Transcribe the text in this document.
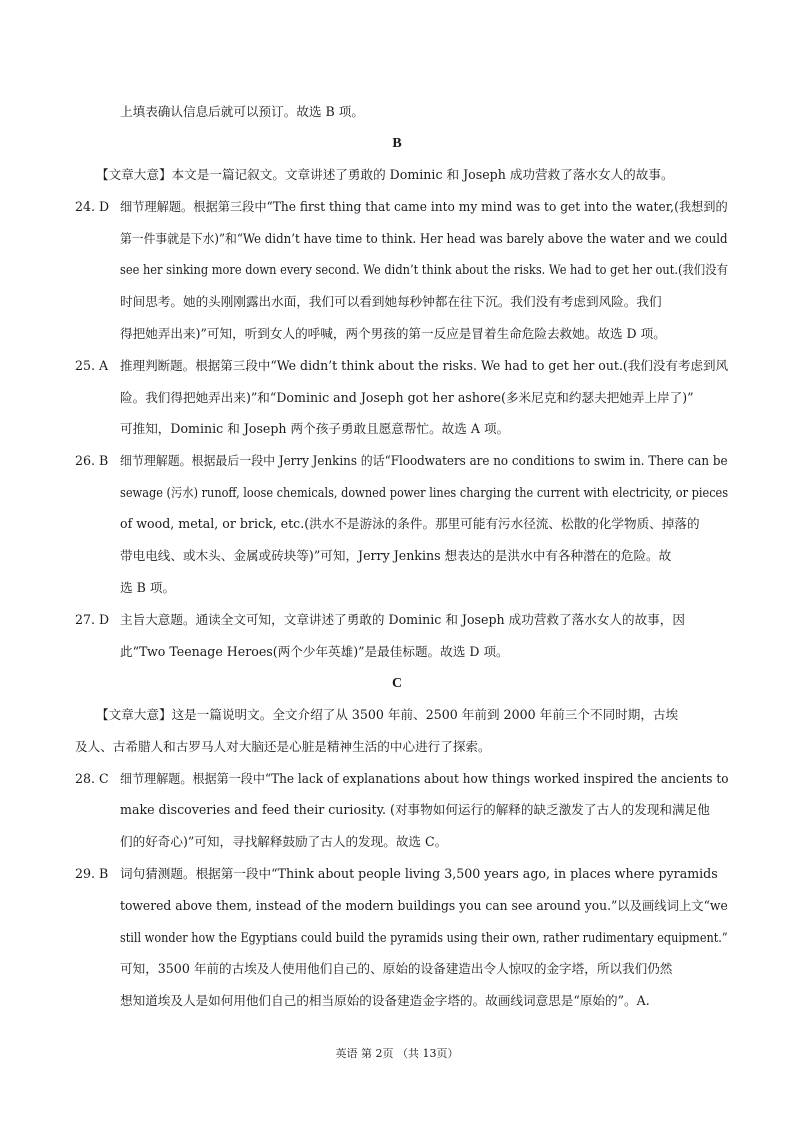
上填表确认信息后就可以预订。故选 B 项。
B
【文章大意】本文是一篇记叙文。文章讲述了勇敢的 Dominic 和 Joseph 成功营救了落水女人的故事。
24. D 细节理解题。根据第三段中“The first thing that came into my mind was to get into the water,(我想到的
第一件事就是下水)”和“We didn’t have time to think. Her head was barely above the water and we could
see her sinking more down every second. We didn’t think about the risks. We had to get her out.(我们没有
时间思考。她的头刚刚露出水面，我们可以看到她每秒钟都在往下沉。我们没有考虑到风险。我们
得把她弄出来)”可知，听到女人的呼喊，两个男孩的第一反应是冒着生命危险去救她。故选 D 项。
25. A 推理判断题。根据第三段中“We didn’t think about the risks. We had to get her out.(我们没有考虑到风
险。我们得把她弄出来)”和“Dominic and Joseph got her ashore(多米尼克和约瑟夫把她弄上岸了)”
可推知，Dominic 和 Joseph 两个孩子勇敢且愿意帮忙。故选 A 项。
26. B 细节理解题。根据最后一段中 Jerry Jenkins 的话“Floodwaters are no conditions to swim in. There can be
sewage (污水) runoff, loose chemicals, downed power lines charging the current with electricity, or pieces
of wood, metal, or brick, etc.(洪水不是游泳的条件。那里可能有污水径流、松散的化学物质、掉落的
带电电线、或木头、金属或砖块等)”可知，Jerry Jenkins 想表达的是洪水中有各种潜在的危险。故
选 B 项。
27. D 主旨大意题。通读全文可知，文章讲述了勇敢的 Dominic 和 Joseph 成功营救了落水女人的故事，因
此“Two Teenage Heroes(两个少年英雄)”是最佳标题。故选 D 项。
C
【文章大意】这是一篇说明文。全文介绍了从 3500 年前、2500 年前到 2000 年前三个不同时期，古埃
及人、古希腊人和古罗马人对大脑还是心脏是精神生活的中心进行了探索。
28. C 细节理解题。根据第一段中“The lack of explanations about how things worked inspired the ancients to
make discoveries and feed their curiosity. (对事物如何运行的解释的缺乏激发了古人的发现和满足他
们的好奇心)”可知，寻找解释鼓励了古人的发现。故选 C。
29. B 词句猜测题。根据第一段中“Think about people living 3,500 years ago, in places where pyramids
towered above them, instead of the modern buildings you can see around you.”以及画线词上文“we
still wonder how the Egyptians could build the pyramids using their own, rather rudimentary equipment.”
可知，3500 年前的古埃及人使用他们自己的、原始的设备建造出令人惊叹的金字塔，所以我们仍然
想知道埃及人是如何用他们自己的相当原始的设备建造金字塔的。故画线词意思是“原始的”。A.
英语 第 2页 （共 13页）
